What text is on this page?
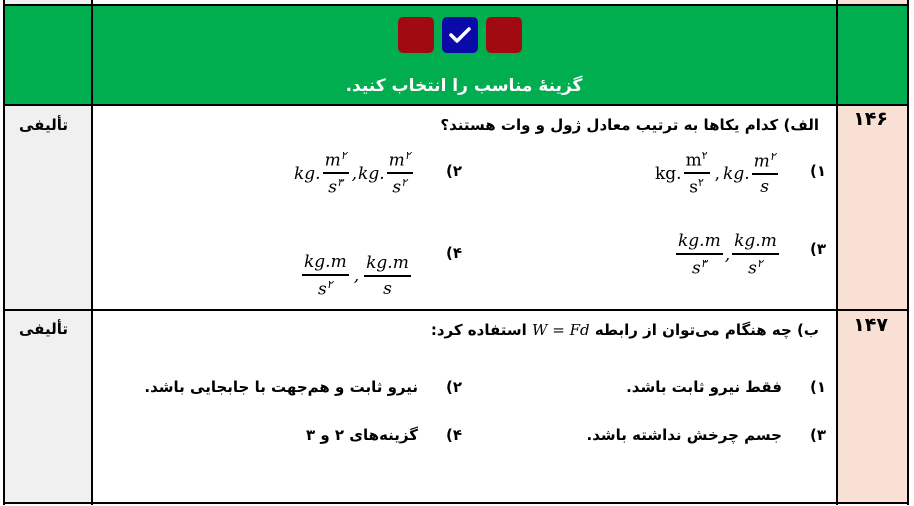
گزینهٔ مناسب را انتخاب کنید.
۱۴۶
تألیفی	الف) کدام یکاها به ترتیب معادل ژول و وات هستند؟
۱)
kg. $\frac{m^۲}{s^۲}$ , kg. $\frac{m^۲}{s}$
۲)
kg. $\frac{m^۲}{s^۳}$ , kg. $\frac{m^۲}{s^۲}$
۳)
$\frac{kg.m}{s^۳}$ , $\frac{kg.m}{s^۲}$
۴)
$\frac{kg.m}{s^۲}$ , $\frac{kg.m}{s}$
۱۴۷
تألیفی	ب) چه هنگام می‌توان از رابطه W = Fd استفاده کرد:
۱)
فقط نیرو ثابت باشد.
۲)
نیرو ثابت و هم‌جهت با جابجایی باشد.
۳)
جسم چرخش نداشته باشد.
۴)
گزینه‌های ۲ و ۳
